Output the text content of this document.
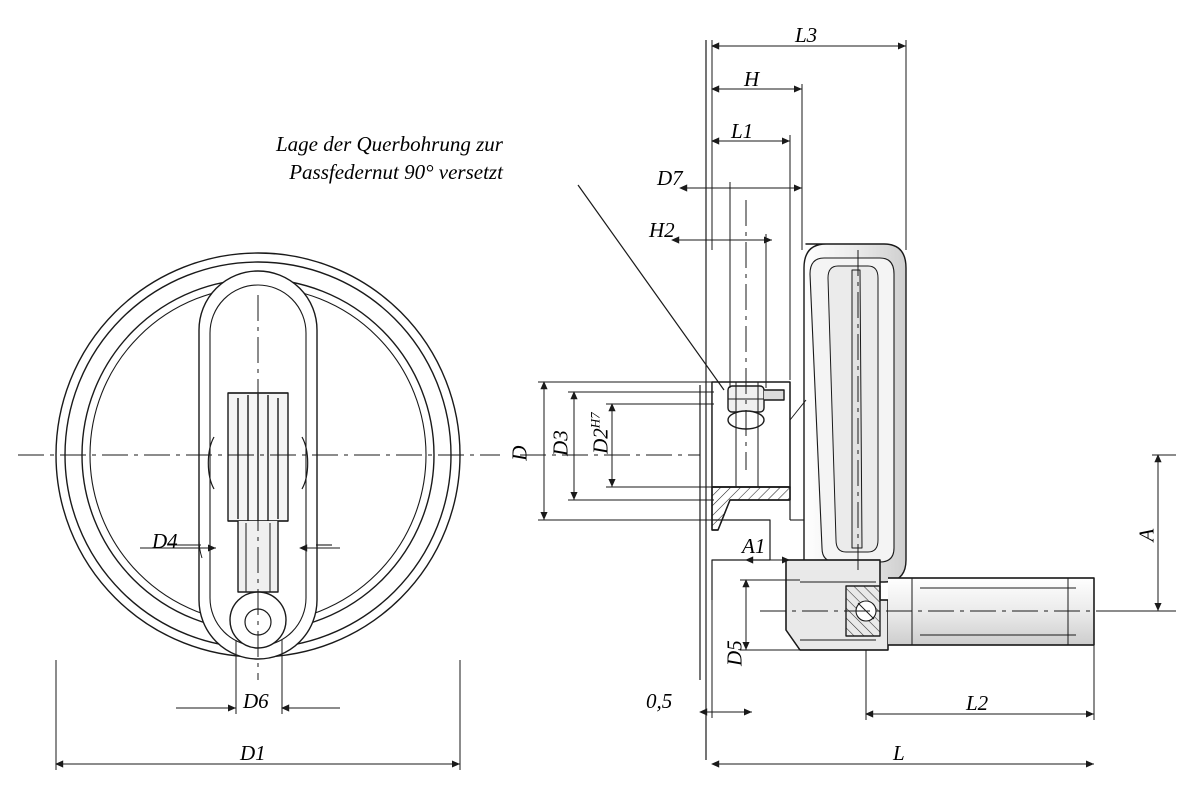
Lage der Querbohrung zur
Passfedernut 90° versetzt
L3
H
L1
D7
H2
D D3 $D2^{H7}$
A
A1
D5
0,5	L2
L
D4
D6
D1
